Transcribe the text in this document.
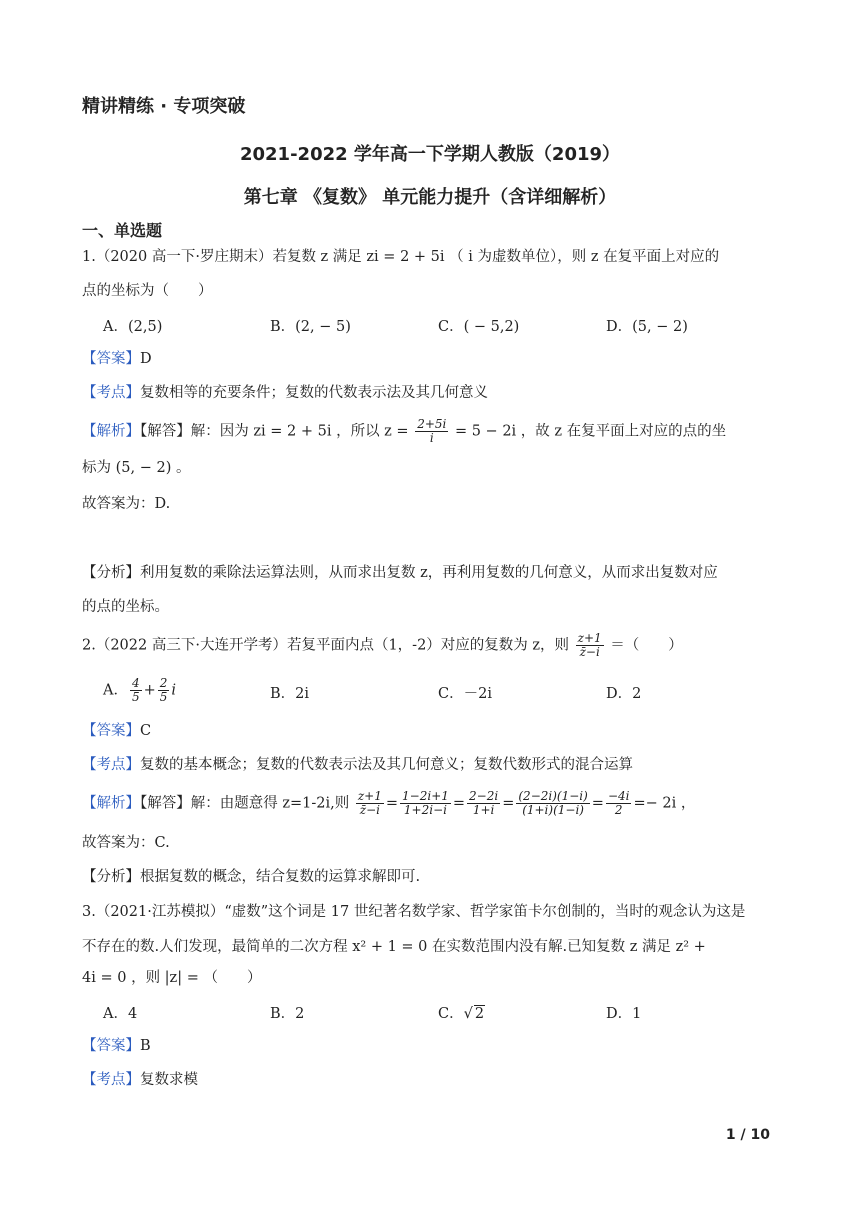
精讲精练 · 专项突破
2021-2022 学年高一下学期人教版（2019）
第七章 《复数》 单元能力提升（含详细解析）
一、单选题
1.（2020 高一下·罗庄期末）若复数 z 满足 zi = 2 + 5i （ i 为虚数单位），则 z 在复平面上对应的
点的坐标为（　　）
A．(2,5)	B．(2, − 5)	C．( − 5,2)	D．(5, − 2)
【答案】D
【考点】复数相等的充要条件；复数的代数表示法及其几何意义
【解析】【解答】解：因为 zi = 2 + 5i ，所以 $z = \frac{2+5i}{i} = 5 - 2i$ ，故 z 在复平面上对应的点的坐
标为 (5, − 2) 。
故答案为：D.
【分析】利用复数的乘除法运算法则，从而求出复数 z，再利用复数的几何意义，从而求出复数对应
的点的坐标。
2.（2022 高三下·大连开学考）若复平面内点（1，-2）对应的复数为 z，则 $\frac{z+1}{z̄-i}$ ＝（　　）
A． $\frac{4}{5} + \frac{2}{5}$ i	B．2i	C．－2i	D．2
【答案】C
【考点】复数的基本概念；复数的代数表示法及其几何意义；复数代数形式的混合运算
【解析】【解答】解：由题意得 z=1-2i,则 $\frac{z+1}{z̄-i} = \frac{1-2i+1}{1+2i-i} = \frac{2-2i}{1+i} = \frac{(2-2i)(1-i)}{(1+i)(1-i)} = \frac{-4i}{2} =- 2i$ ，
故答案为：C.
【分析】根据复数的概念，结合复数的运算求解即可.
3.（2021·江苏模拟）“虚数”这个词是 17 世纪著名数学家、哲学家笛卡尔创制的，当时的观念认为这是
不存在的数.人们发现，最简单的二次方程 x² + 1 = 0 在实数范围内没有解.已知复数 z 满足 z² +
4i = 0 ，则 |z| = （　　）
A．4	B．2	C．√ 2	D．1
【答案】B
【考点】复数求模
1 / 10
